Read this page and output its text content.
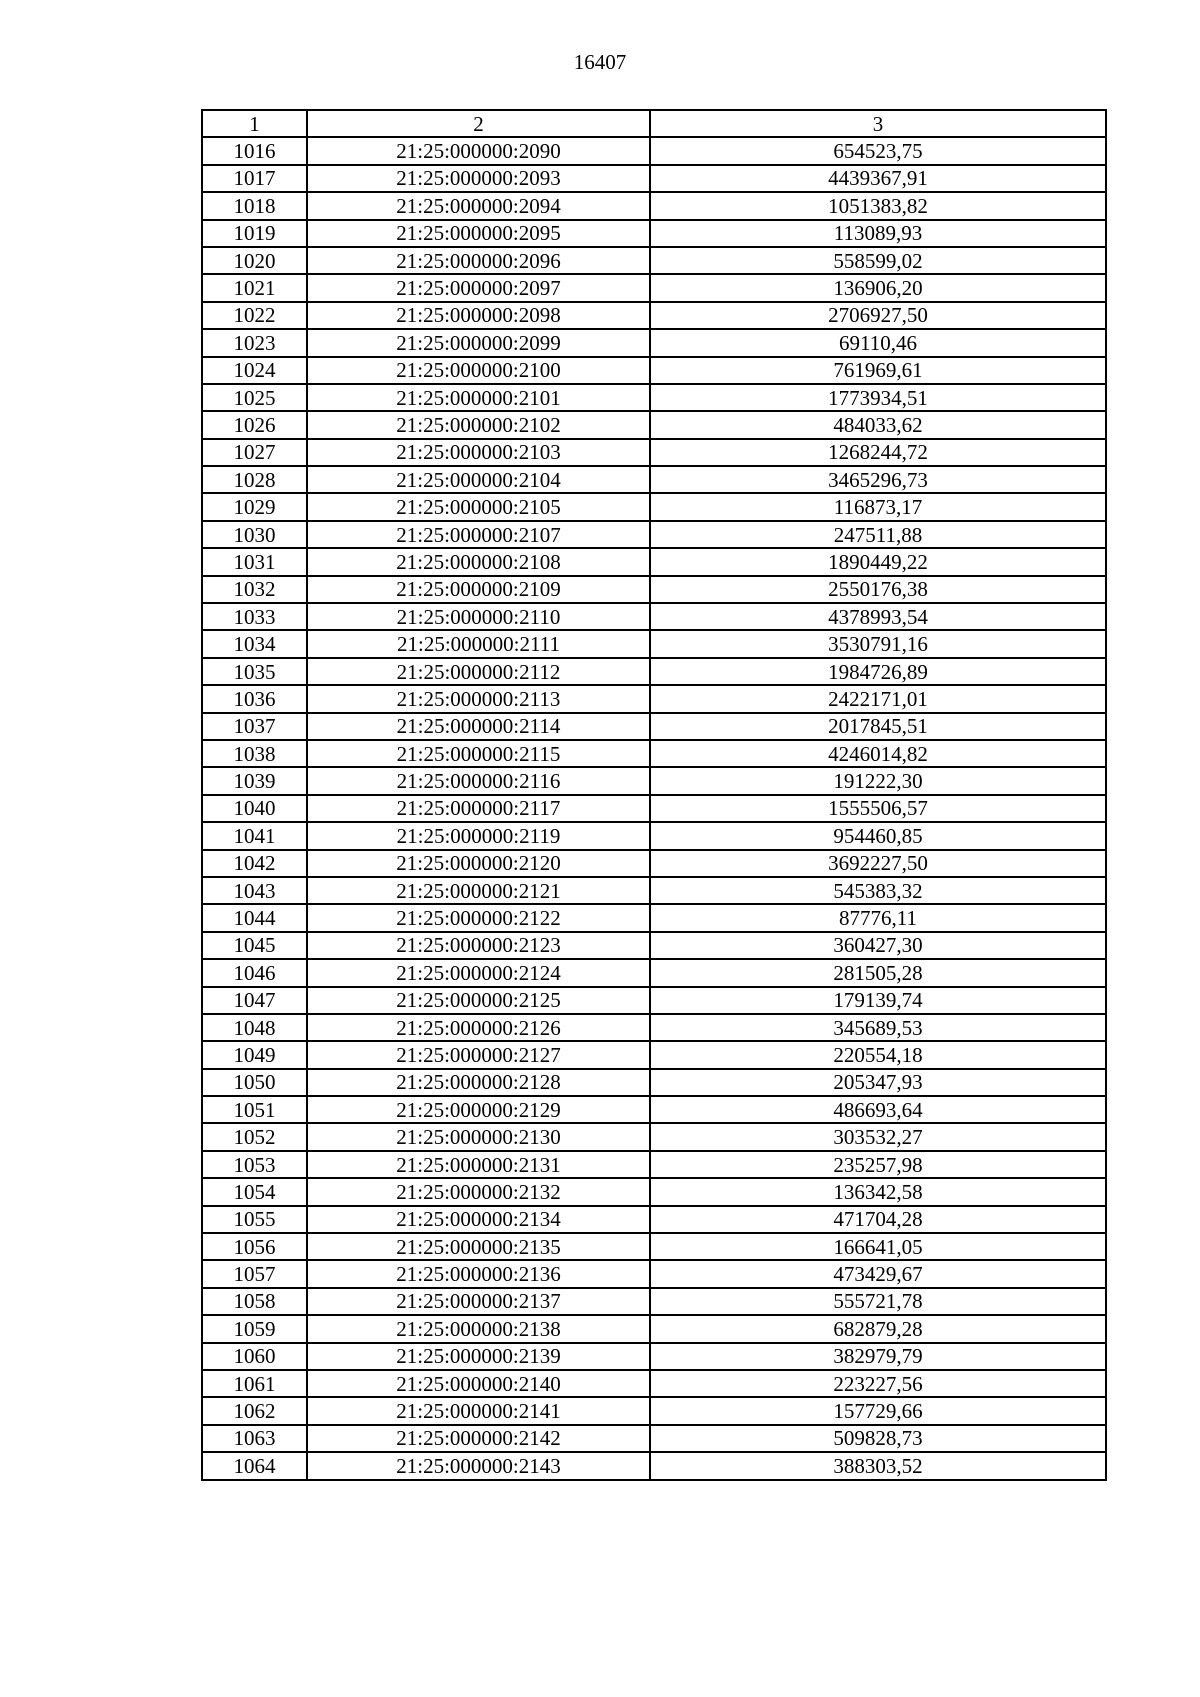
16407
1	2	3
1016	21:25:000000:2090	654523,75
1017	21:25:000000:2093	4439367,91
1018	21:25:000000:2094	1051383,82
1019	21:25:000000:2095	113089,93
1020	21:25:000000:2096	558599,02
1021	21:25:000000:2097	136906,20
1022	21:25:000000:2098	2706927,50
1023	21:25:000000:2099	69110,46
1024	21:25:000000:2100	761969,61
1025	21:25:000000:2101	1773934,51
1026	21:25:000000:2102	484033,62
1027	21:25:000000:2103	1268244,72
1028	21:25:000000:2104	3465296,73
1029	21:25:000000:2105	116873,17
1030	21:25:000000:2107	247511,88
1031	21:25:000000:2108	1890449,22
1032	21:25:000000:2109	2550176,38
1033	21:25:000000:2110	4378993,54
1034	21:25:000000:2111	3530791,16
1035	21:25:000000:2112	1984726,89
1036	21:25:000000:2113	2422171,01
1037	21:25:000000:2114	2017845,51
1038	21:25:000000:2115	4246014,82
1039	21:25:000000:2116	191222,30
1040	21:25:000000:2117	1555506,57
1041	21:25:000000:2119	954460,85
1042	21:25:000000:2120	3692227,50
1043	21:25:000000:2121	545383,32
1044	21:25:000000:2122	87776,11
1045	21:25:000000:2123	360427,30
1046	21:25:000000:2124	281505,28
1047	21:25:000000:2125	179139,74
1048	21:25:000000:2126	345689,53
1049	21:25:000000:2127	220554,18
1050	21:25:000000:2128	205347,93
1051	21:25:000000:2129	486693,64
1052	21:25:000000:2130	303532,27
1053	21:25:000000:2131	235257,98
1054	21:25:000000:2132	136342,58
1055	21:25:000000:2134	471704,28
1056	21:25:000000:2135	166641,05
1057	21:25:000000:2136	473429,67
1058	21:25:000000:2137	555721,78
1059	21:25:000000:2138	682879,28
1060	21:25:000000:2139	382979,79
1061	21:25:000000:2140	223227,56
1062	21:25:000000:2141	157729,66
1063	21:25:000000:2142	509828,73
1064	21:25:000000:2143	388303,52
